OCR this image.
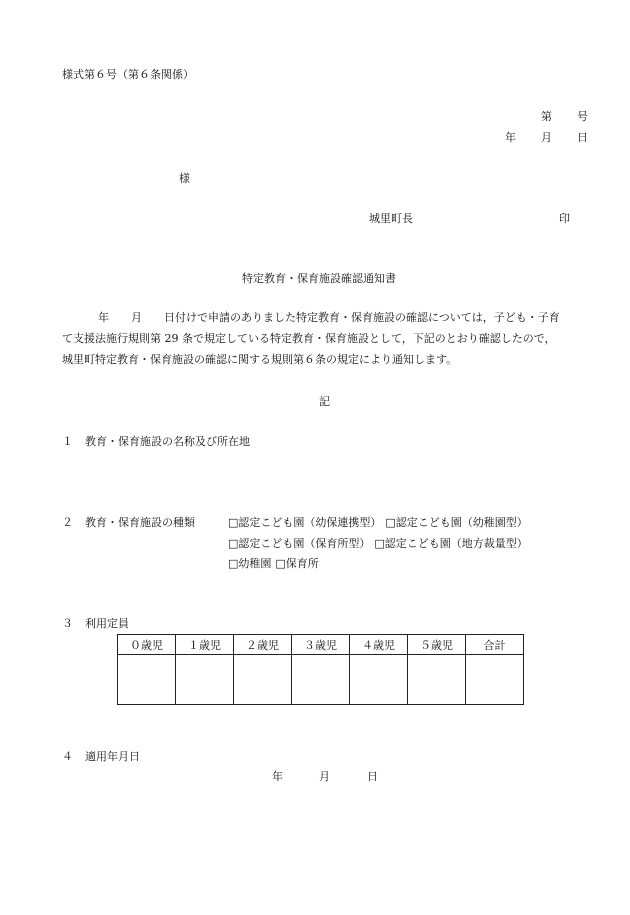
様式第６号（第６条関係）
第 号
年 月 日
様
城里町長	印
特定教育・保育施設確認通知書
年　　月　　日付けで申請のありました特定教育・保育施設の確認については，子ども・子育
て支援法施行規則第 29 条で規定している特定教育・保育施設として，下記のとおり確認したので，
城里町特定教育・保育施設の確認に関する規則第６条の規定により通知します。
記
１ 教育・保育施設の名称及び所在地
２ 教育・保育施設の種類	□認定こども園（幼保連携型） □認定こども園（幼稚園型）
□認定こども園（保育所型） □認定こども園（地方裁量型）
□幼稚園 □保育所
３ 利用定員
０歳児	１歳児	２歳児	３歳児	４歳児	５歳児	合計

４ 適用年月日
年	月	日
